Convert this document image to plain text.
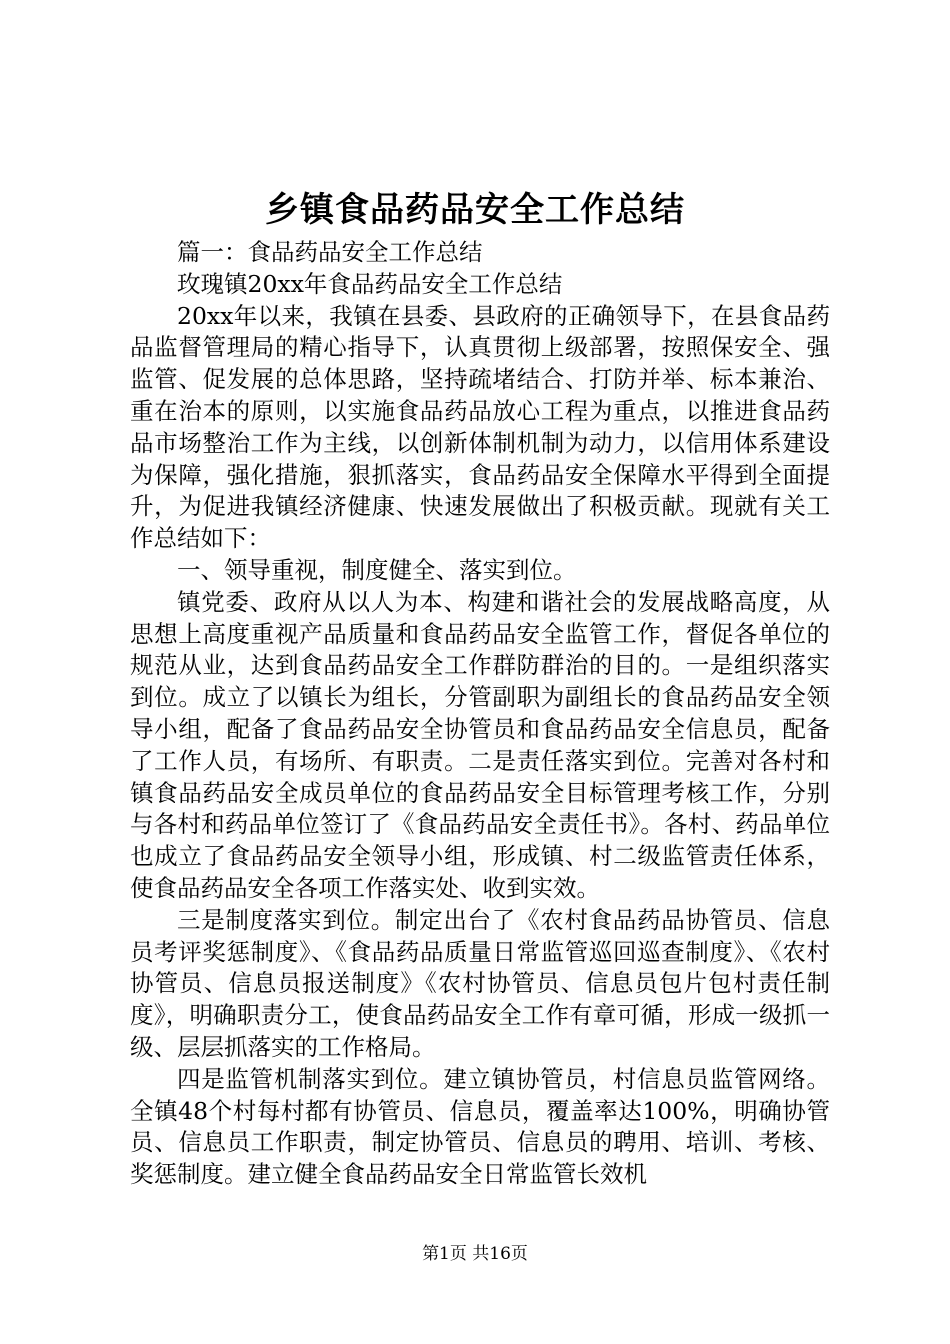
乡镇食品药品安全工作总结

篇一：食品药品安全工作总结

玫瑰镇20xx年食品药品安全工作总结

20xx年以来，我镇在县委、县政府的正确领导下，在县食品药品监督管理局的精心指导下，认真贯彻上级部署，按照保安全、强监管、促发展的总体思路，坚持疏堵结合、打防并举、标本兼治、重在治本的原则，以实施食品药品放心工程为重点，以推进食品药品市场整治工作为主线，以创新体制机制为动力，以信用体系建设为保障，强化措施，狠抓落实，食品药品安全保障水平得到全面提升，为促进我镇经济健康、快速发展做出了积极贡献。现就有关工作总结如下：

一、领导重视，制度健全、落实到位。

镇党委、政府从以人为本、构建和谐社会的发展战略高度，从思想上高度重视产品质量和食品药品安全监管工作，督促各单位的规范从业，达到食品药品安全工作群防群治的目的。一是组织落实到位。成立了以镇长为组长，分管副职为副组长的食品药品安全领导小组，配备了食品药品安全协管员和食品药品安全信息员，配备了工作人员，有场所、有职责。二是责任落实到位。完善对各村和镇食品药品安全成员单位的食品药品安全目标管理考核工作，分别与各村和药品单位签订了《食品药品安全责任书》。各村、药品单位也成立了食品药品安全领导小组，形成镇、村二级监管责任体系，使食品药品安全各项工作落实处、收到实效。

三是制度落实到位。制定出台了《农村食品药品协管员、信息员考评奖惩制度》、《食品药品质量日常监管巡回巡查制度》、《农村协管员、信息员报送制度》《农村协管员、信息员包片包村责任制度》，明确职责分工，使食品药品安全工作有章可循，形成一级抓一级、层层抓落实的工作格局。

四是监管机制落实到位。建立镇协管员，村信息员监管网络。全镇48个村每村都有协管员、信息员，覆盖率达100%，明确协管员、信息员工作职责，制定协管员、信息员的聘用、培训、考核、奖惩制度。建立健全食品药品安全日常监管长效机

第1页 共16页
